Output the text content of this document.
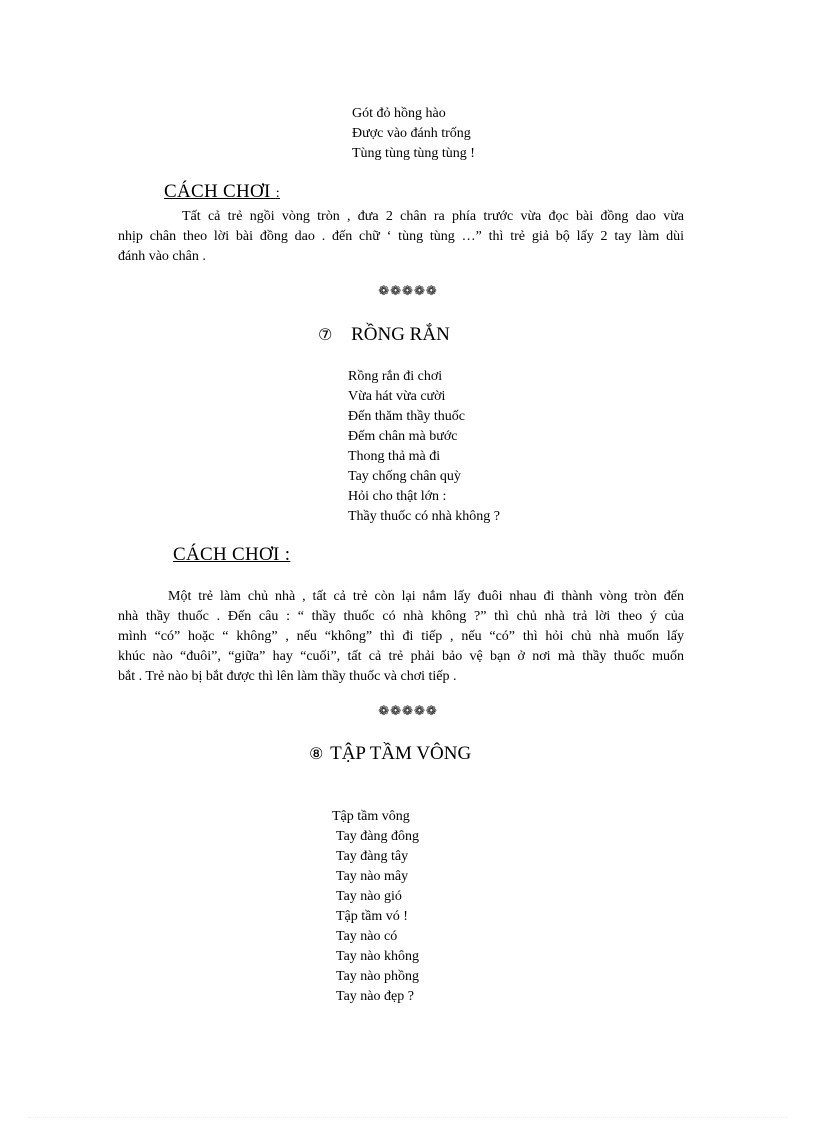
Gót đỏ hồng hào
Được vào đánh trống
Tùng tùng tùng tùng !
CÁCH CHƠI :
Tất cả trẻ ngồi vòng tròn , đưa 2 chân ra phía trước vừa đọc bài đồng dao vừa
nhịp chân theo lời bài đồng dao . đến chữ ‘ tùng tùng …” thì trẻ giả bộ lấy 2 tay làm dùi
đánh vào chân .
❁❁❁❁❁
⑦ RỒNG RẮN
Rồng rắn đi chơi
Vừa hát vừa cười
Đến thăm thầy thuốc
Đếm chân mà bước
Thong thả mà đi
Tay chống chân quỳ
Hỏi cho thật lớn :
Thầy thuốc có nhà không ?
CÁCH CHƠI :
Một trẻ làm chủ nhà , tất cả trẻ còn lại nắm lấy đuôi nhau đi thành vòng tròn đến
nhà thầy thuốc . Đến câu : “ thầy thuốc có nhà không ?” thì chủ nhà trả lời theo ý của
mình “có” hoặc “ không” , nếu “không” thì đi tiếp , nếu “có” thì hỏi chủ nhà muốn lấy
khúc nào “đuôi”, “giữa” hay “cuối”, tất cả trẻ phải bảo vệ bạn ở nơi mà thầy thuốc muốn
bắt . Trẻ nào bị bắt được thì lên làm thầy thuốc và chơi tiếp .
❁❁❁❁❁
⑧ TẬP TẦM VÔNG
Tập tầm vông
Tay đàng đông
Tay đàng tây
Tay nào mây
Tay nào gió
Tập tầm vó !
Tay nào có
Tay nào không
Tay nào phồng
Tay nào đẹp ?
